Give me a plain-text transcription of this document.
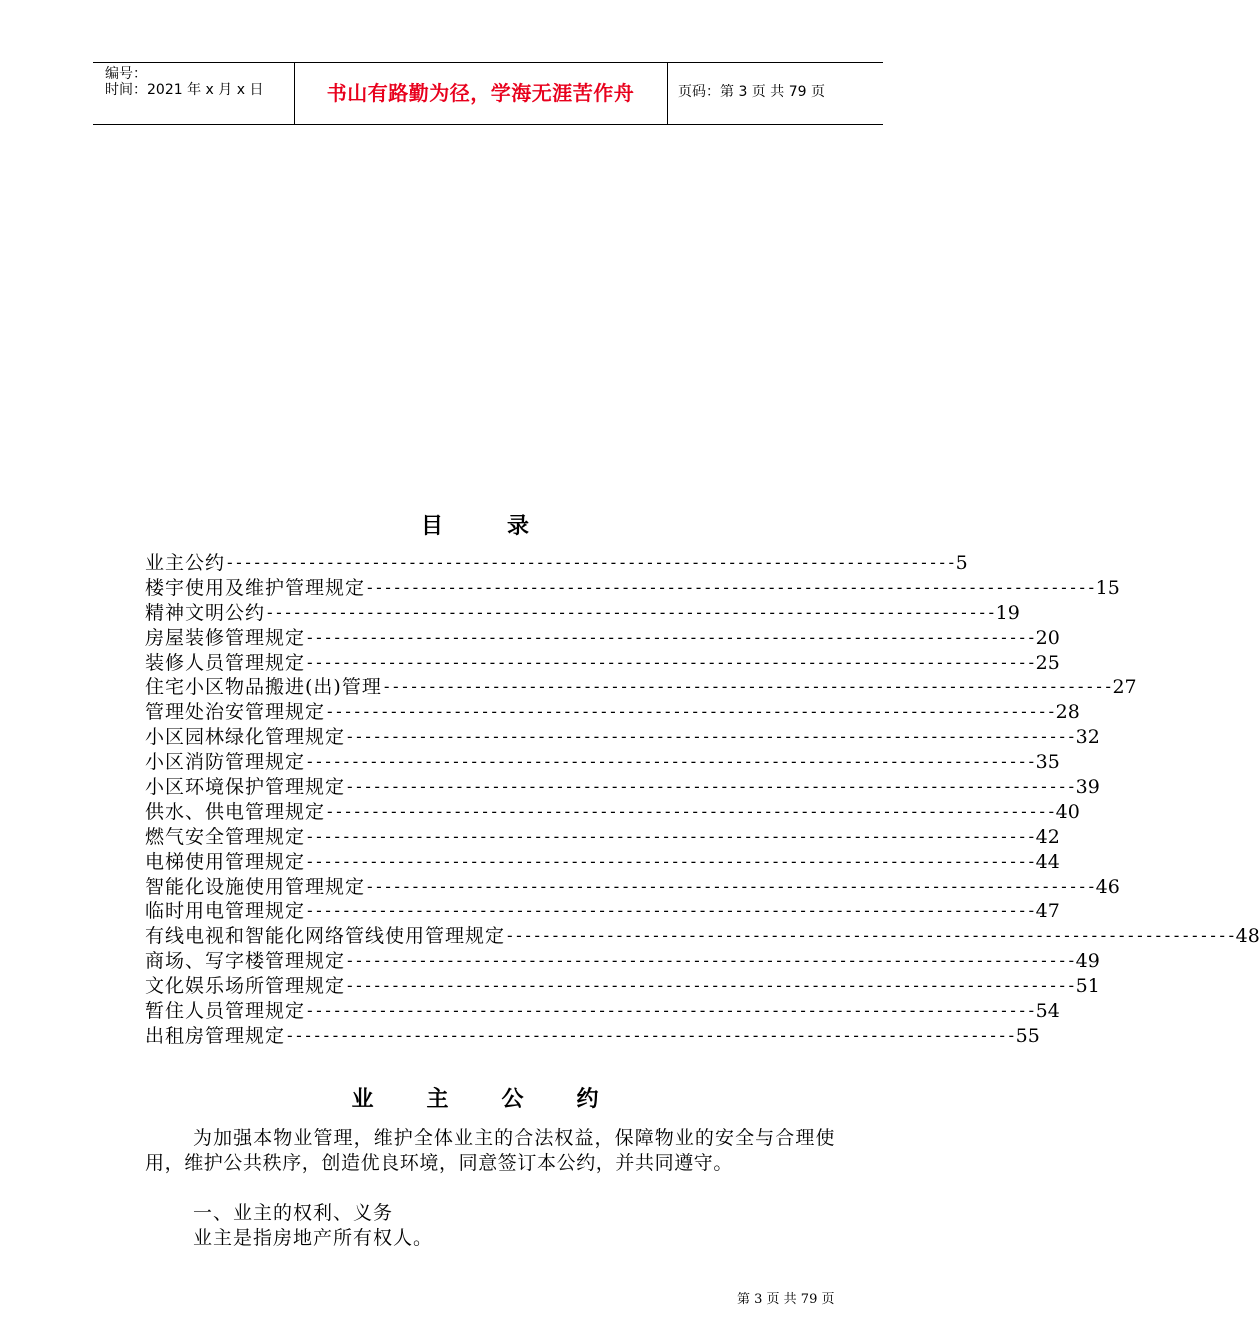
编号：
时间：2021 年 x 月 x 日	书山有路勤为径，学海无涯苦作舟	页码：第 3 页 共 79 页
目	录
业主公约 -------------------------------------------------------------------------------- 5
楼宇使用及维护管理规定 -------------------------------------------------------------------------------- 15
精神文明公约 -------------------------------------------------------------------------------- 19
房屋装修管理规定 -------------------------------------------------------------------------------- 20
装修人员管理规定 -------------------------------------------------------------------------------- 25
住宅小区物品搬进(出)管理 -------------------------------------------------------------------------------- 27
管理处治安管理规定 -------------------------------------------------------------------------------- 28
小区园林绿化管理规定 -------------------------------------------------------------------------------- 32
小区消防管理规定 -------------------------------------------------------------------------------- 35
小区环境保护管理规定 -------------------------------------------------------------------------------- 39
供水、供电管理规定 -------------------------------------------------------------------------------- 40
燃气安全管理规定 -------------------------------------------------------------------------------- 42
电梯使用管理规定 -------------------------------------------------------------------------------- 44
智能化设施使用管理规定 -------------------------------------------------------------------------------- 46
临时用电管理规定 -------------------------------------------------------------------------------- 47
有线电视和智能化网络管线使用管理规定 -------------------------------------------------------------------------------- 48
商场、写字楼管理规定 -------------------------------------------------------------------------------- 49
文化娱乐场所管理规定 -------------------------------------------------------------------------------- 51
暂住人员管理规定 -------------------------------------------------------------------------------- 54
出租房管理规定 -------------------------------------------------------------------------------- 55
业 主 公 约
为加强本物业管理，维护全体业主的合法权益，保障物业的安全与合理使用，维护公共秩序，创造优良环境，同意签订本公约，并共同遵守。
一、业主的权利、义务
业主是指房地产所有权人。
第 3 页 共 79 页
